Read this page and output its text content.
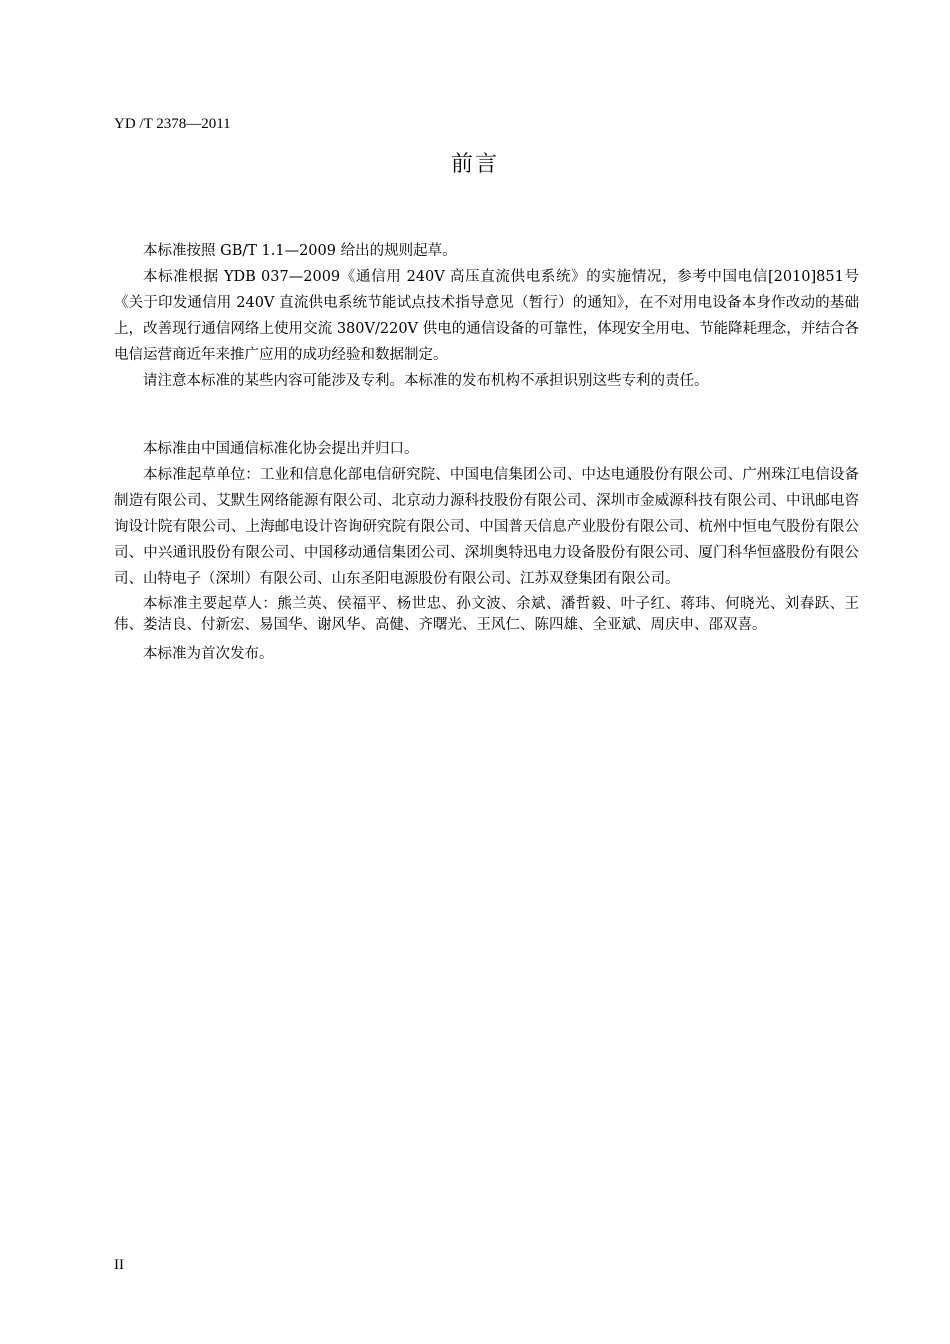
YD /T 2378—2011
前言

本标准按照 GB/T 1.1—2009 给出的规则起草。

本标准根据 YDB 037—2009《通信用 240V 高压直流供电系统》的实施情况，参考中国电信[2010]851号《关于印发通信用 240V 直流供电系统节能试点技术指导意见（暂行）的通知》，在不对用电设备本身作改动的基础上，改善现行通信网络上使用交流 380V/220V 供电的通信设备的可靠性，体现安全用电、节能降耗理念，并结合各电信运营商近年来推广应用的成功经验和数据制定。

请注意本标准的某些内容可能涉及专利。本标准的发布机构不承担识别这些专利的责任。

本标准由中国通信标准化协会提出并归口。

本标准起草单位：工业和信息化部电信研究院、中国电信集团公司、中达电通股份有限公司、广州珠江电信设备制造有限公司、艾默生网络能源有限公司、北京动力源科技股份有限公司、深圳市金威源科技有限公司、中讯邮电咨询设计院有限公司、上海邮电设计咨询研究院有限公司、中国普天信息产业股份有限公司、杭州中恒电气股份有限公司、中兴通讯股份有限公司、中国移动通信集团公司、深圳奥特迅电力设备股份有限公司、厦门科华恒盛股份有限公司、山特电子（深圳）有限公司、山东圣阳电源股份有限公司、江苏双登集团有限公司。

本标准主要起草人：熊兰英、侯福平、杨世忠、孙文波、余斌、潘哲毅、叶子红、蒋玮、何晓光、刘春跃、王伟、娄洁良、付新宏、易国华、谢风华、高健、齐曙光、王风仁、陈四雄、全亚斌、周庆申、邵双喜。

本标准为首次发布。

II
